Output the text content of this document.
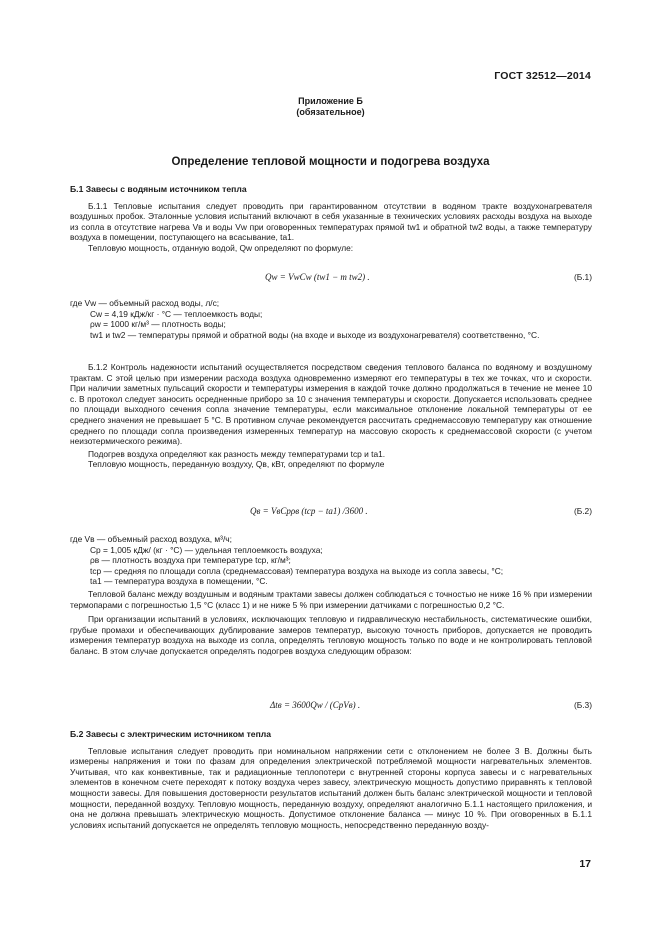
ГОСТ 32512—2014
Приложение Б
(обязательное)
Определение тепловой мощности и подогрева воздуха

Б.1 Завесы с водяным источником тепла

Б.1.1 Тепловые испытания следует проводить при гарантированном отсутствии в водяном тракте воздухонагревателя воздушных пробок. Эталонные условия испытаний включают в себя указанные в технических условиях расходы воздуха на выходе из сопла в отсутствие нагрева Vв и воды Vw при оговоренных температурах прямой tw1 и обратной tw2 воды, а также температуру воздуха в помещении, поступающего на всасывание, ta1.

Тепловую мощность, отданную водой, Qw определяют по формуле:

Qw = VwCw (tw1 − m tw2) .	(Б.1)

где Vw — объемный расход воды, л/с;

Cw = 4,19 кДж/кг · °С — теплоемкость воды;

ρw = 1000 кг/м³ — плотность воды;

tw1 и tw2 — температуры прямой и обратной воды (на входе и выходе из воздухонагревателя) соответственно, °С.

Б.1.2 Контроль надежности испытаний осуществляется посредством сведения теплового баланса по водяному и воздушному трактам. С этой целью при измерении расхода воздуха одновременно измеряют его температуры в тех же точках, что и скорости. При наличии заметных пульсаций скорости и температуры измерения в каждой точке должно продолжаться в течение не менее 10 с. В протокол следует заносить осредненные приборо за 10 с значения температуры и скорости. Допускается использовать среднее по площади выходного сечения сопла значение температуры, если максимальное отклонение локальной температуры от ее среднего значения не превышает 5 °С. В противном случае рекомендуется рассчитать среднемассовую температуру как отношение среднего по площади сопла произведения измеренных температур на массовую скорость к среднемассовой скорости (с учетом неизотермического режима).

Подогрев воздуха определяют как разность между температурами tср и ta1.

Тепловую мощность, переданную воздуху, Qв, кВт, определяют по формуле

Qв = VвCрρв (tср − ta1) /3600 .	(Б.2)

где Vв — объемный расход воздуха, м³/ч;

Cр = 1,005 кДж/ (кг · °С) — удельная теплоемкость воздуха;

ρв — плотность воздуха при температуре tср, кг/м³;

tср — средняя по площади сопла (среднемассовая) температура воздуха на выходе из сопла завесы, °С;

ta1 — температура воздуха в помещении, °С.

Тепловой баланс между воздушным и водяным трактами завесы должен соблюдаться с точностью не ниже 16 % при измерении термопарами с погрешностью 1,5 °С (класс 1) и не ниже 5 % при измерении датчиками с погрешностью 0,2 °С.

При организации испытаний в условиях, исключающих тепловую и гидравлическую нестабильность, систематические ошибки, грубые промахи и обеспечивающих дублирование замеров температур, высокую точность приборов, допускается не проводить измерения температур воздуха на выходе из сопла, определять тепловую мощность только по воде и не контролировать тепловой баланс. В этом случае допускается определять подогрев воздуха следующим образом:

Δtв = 3600Qw / (CрVв) .	(Б.3)

Б.2 Завесы с электрическим источником тепла

Тепловые испытания следует проводить при номинальном напряжении сети с отклонением не более 3 В. Должны быть измерены напряжения и токи по фазам для определения электрической потребляемой мощности нагревательных элементов. Учитывая, что как конвективные, так и радиационные теплопотери с внутренней стороны корпуса завесы и с нагревательных элементов в конечном счете переходят к потоку воздуха через завесу, электрическую мощность допустимо приравнять к тепловой мощности завесы. Для повышения достоверности результатов испытаний должен быть баланс электрической мощности и тепловой мощности, переданной воздуху. Тепловую мощность, переданную воздуху, определяют аналогично Б.1.1 настоящего приложения, и она не должна превышать электрическую мощность. Допустимое отклонение баланса — минус 10 %. При оговоренных в Б.1.1 условиях испытаний допускается не определять тепловую мощность, непосредственно переданную возду-

17
